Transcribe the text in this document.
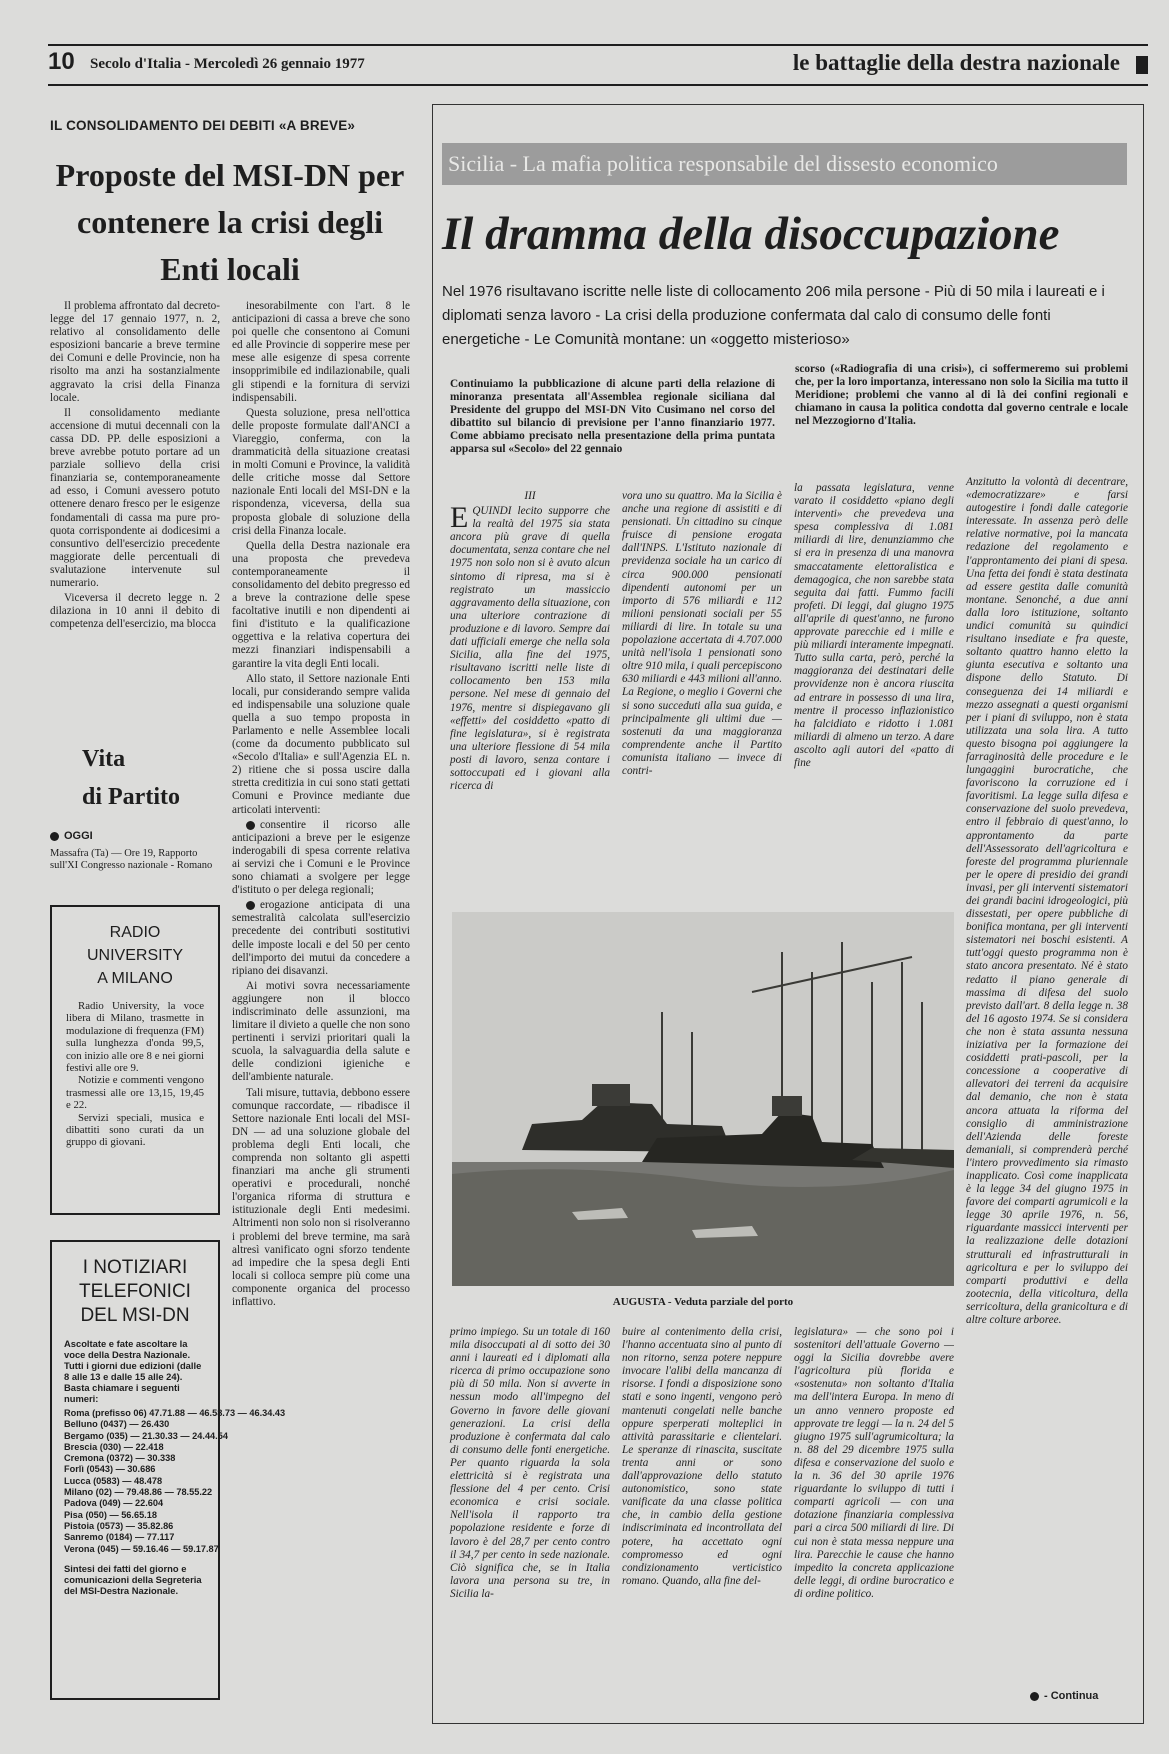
10 Secolo d'Italia - Mercoledì 26 gennaio 1977	le battaglie della destra nazionale
IL CONSOLIDAMENTO DEI DEBITI «A BREVE»
Proposte del MSI-DN per contenere la crisi degli Enti locali

Il problema affrontato dal decreto-legge del 17 gennaio 1977, n. 2, relativo al consolidamento delle esposizioni bancarie a breve termine dei Comuni e delle Provincie, non ha risolto ma anzi ha sostanzialmente aggravato la crisi della Finanza locale.

Il consolidamento mediante accensione di mutui decennali con la cassa DD. PP. delle esposizioni a breve avrebbe potuto portare ad un parziale sollievo della crisi finanziaria se, contemporaneamente ad esso, i Comuni avessero potuto ottenere denaro fresco per le esigenze fondamentali di cassa ma pure pro-quota corrispondente ai dodicesimi a consuntivo dell'esercizio precedente maggiorate delle percentuali di svalutazione intervenute sul numerario.

Viceversa il decreto legge n. 2 dilaziona in 10 anni il debito di competenza dell'esercizio, ma blocca

inesorabilmente con l'art. 8 le anticipazioni di cassa a breve che sono poi quelle che consentono ai Comuni ed alle Provincie di sopperire mese per mese alle esigenze di spesa corrente insopprimibile ed indilazionabile, quali gli stipendi e la fornitura di servizi indispensabili.

Questa soluzione, presa nell'ottica delle proposte formulate dall'ANCI a Viareggio, conferma, con la drammaticità della situazione creatasi in molti Comuni e Province, la validità delle critiche mosse dal Settore nazionale Enti locali del MSI-DN e la rispondenza, viceversa, della sua proposta globale di soluzione della crisi della Finanza locale.

Quella della Destra nazionale era una proposta che prevedeva contemporaneamente il consolidamento del debito pregresso ed a breve la contrazione delle spese facoltative inutili e non dipendenti ai fini d'istituto e la qualificazione oggettiva e la relativa copertura dei mezzi finanziari indispensabili a garantire la vita degli Enti locali.

Allo stato, il Settore nazionale Enti locali, pur considerando sempre valida ed indispensabile una soluzione quale quella a suo tempo proposta in Parlamento e nelle Assemblee locali (come da documento pubblicato sul «Secolo d'Italia» e sull'Agenzia EL n. 2) ritiene che si possa uscire dalla stretta creditizia in cui sono stati gettati Comuni e Province mediante due articolati interventi:

consentire il ricorso alle anticipazioni a breve per le esigenze inderogabili di spesa corrente relativa ai servizi che i Comuni e le Province sono chiamati a svolgere per legge d'istituto o per delega regionali;

erogazione anticipata di una semestralità calcolata sull'esercizio precedente dei contributi sostitutivi delle imposte locali e del 50 per cento dell'importo dei mutui da concedere a ripiano dei disavanzi.

Ai motivi sovra necessariamente aggiungere non il blocco indiscriminato delle assunzioni, ma limitare il divieto a quelle che non sono pertinenti i servizi prioritari quali la scuola, la salvaguardia della salute e delle condizioni igieniche e dell'ambiente naturale.

Tali misure, tuttavia, debbono essere comunque raccordate, — ribadisce il Settore nazionale Enti locali del MSI-DN — ad una soluzione globale del problema degli Enti locali, che comprenda non soltanto gli aspetti finanziari ma anche gli strumenti operativi e procedurali, nonché l'organica riforma di struttura e istituzionale degli Enti medesimi. Altrimenti non solo non si risolveranno i problemi del breve termine, ma sarà altresì vanificato ogni sforzo tendente ad impedire che la spesa degli Enti locali si colloca sempre più come una componente organica del processo inflattivo.

Vita
di Partito
OGGI
Massafra (Ta) — Ore 19, Rapporto sull'XI Congresso nazionale - Romano
RADIO
UNIVERSITY
A MILANO

Radio University, la voce libera di Milano, trasmette in modulazione di frequenza (FM) sulla lunghezza d'onda 99,5, con inizio alle ore 8 e nei giorni festivi alle ore 9.

Notizie e commenti vengono trasmessi alle ore 13,15, 19,45 e 22.

Servizi speciali, musica e dibattiti sono curati da un gruppo di giovani.

I NOTIZIARI
TELEFONICI
DEL MSI-DN
Ascoltate e fate ascoltare la voce della Destra Nazionale. Tutti i giorni due edizioni (dalle 8 alle 13 e dalle 15 alle 24). Basta chiamare i seguenti numeri:
Roma (prefisso 06) 47.71.88 — 46.58.73 — 46.34.43
Belluno (0437) — 26.430
Bergamo (035) — 21.30.33 — 24.44.54
Brescia (030) — 22.418
Cremona (0372) — 30.338
Forlì (0543) — 30.686
Lucca (0583) — 48.478
Milano (02) — 79.48.86 — 78.55.22
Padova (049) — 22.604
Pisa (050) — 56.65.18
Pistoia (0573) — 35.82.86
Sanremo (0184) — 77.117
Verona (045) — 59.16.46 — 59.17.87
Sintesi dei fatti del giorno e comunicazioni della Segreteria del MSI-Destra Nazionale.
Sicilia - La mafia politica responsabile del dissesto economico
Il dramma della disoccupazione
Nel 1976 risultavano iscritte nelle liste di collocamento 206 mila persone - Più di 50 mila i laureati e i diplomati senza lavoro - La crisi della produzione confermata dal calo di consumo delle fonti energetiche - Le Comunità montane: un «oggetto misterioso»
Continuiamo la pubblicazione di alcune parti della relazione di minoranza presentata all'Assemblea regionale siciliana dal Presidente del gruppo del MSI-DN Vito Cusimano nel corso del dibattito sul bilancio di previsione per l'anno finanziario 1977. Come abbiamo precisato nella presentazione della prima puntata apparsa sul «Secolo» del 22 gennaio
scorso («Radiografia di una crisi»), ci soffermeremo sui problemi che, per la loro importanza, interessano non solo la Sicilia ma tutto il Meridione; problemi che vanno al di là dei confini regionali e chiamano in causa la politica condotta dal governo centrale e locale nel Mezzogiorno d'Italia.

III

EQUINDI lecito supporre che la realtà del 1975 sia stata ancora più grave di quella documentata, senza contare che nel 1975 non solo non si è avuto alcun sintomo di ripresa, ma si è registrato un massiccio aggravamento della situazione, con una ulteriore contrazione di produzione e di lavoro. Sempre dai dati ufficiali emerge che nella sola Sicilia, alla fine del 1975, risultavano iscritti nelle liste di collocamento ben 153 mila persone. Nel mese di gennaio del 1976, mentre si dispiegavano gli «effetti» del cosiddetto «patto di fine legislatura», si è registrata una ulteriore flessione di 54 mila posti di lavoro, senza contare i sottoccupati ed i giovani alla ricerca di

vora uno su quattro. Ma la Sicilia è anche una regione di assistiti e di pensionati. Un cittadino su cinque fruisce di pensione erogata dall'INPS. L'Istituto nazionale di previdenza sociale ha un carico di circa 900.000 pensionati dipendenti autonomi per un importo di 576 miliardi e 112 milioni pensionati sociali per 55 miliardi di lire. In totale su una popolazione accertata di 4.707.000 unità nell'isola 1 pensionati sono oltre 910 mila, i quali percepiscono 630 miliardi e 443 milioni all'anno. La Regione, o meglio i Governi che si sono succeduti alla sua guida, e principalmente gli ultimi due — sostenuti da una maggioranza comprendente anche il Partito comunista italiano — invece di contri-

la passata legislatura, venne varato il cosiddetto «piano degli interventi» che prevedeva una spesa complessiva di 1.081 miliardi di lire, denunziammo che si era in presenza di una manovra smaccatamente elettoralistica e demagogica, che non sarebbe stata seguita dai fatti. Fummo facili profeti. Di leggi, dal giugno 1975 all'aprile di quest'anno, ne furono approvate parecchie ed i mille e più miliardi interamente impegnati. Tutto sulla carta, però, perché la maggioranza dei destinatari delle provvidenze non è ancora riuscita ad entrare in possesso di una lira, mentre il processo inflazionistico ha falcidiato e ridotto i 1.081 miliardi di almeno un terzo. A dare ascolto agli autori del «patto di fine

Anzitutto la volontà di decentrare, «democratizzare» e farsi autogestire i fondi dalle categorie interessate. In assenza però delle relative normative, poi la mancata redazione del regolamento e l'approntamento dei piani di spesa. Una fetta dei fondi è stata destinata ad essere gestita dalle comunità montane. Senonché, a due anni dalla loro istituzione, soltanto undici comunità su quindici risultano insediate e fra queste, soltanto quattro hanno eletto la giunta esecutiva e soltanto una dispone dello Statuto. Di conseguenza dei 14 miliardi e mezzo assegnati a questi organismi per i piani di sviluppo, non è stata utilizzata una sola lira. A tutto questo bisogna poi aggiungere la farraginosità delle procedure e le lungaggini burocratiche, che favoriscono la corruzione ed i favoritismi. La legge sulla difesa e conservazione del suolo prevedeva, entro il febbraio di quest'anno, lo approntamento da parte dell'Assessorato dell'agricoltura e foreste del programma pluriennale per le opere di presidio dei grandi invasi, per gli interventi sistematori dei grandi bacini idrogeologici, più dissestati, per opere pubbliche di bonifica montana, per gli interventi sistematori nei boschi esistenti. A tutt'oggi questo programma non è stato ancora presentato. Né è stato redatto il piano generale di massima di difesa del suolo previsto dall'art. 8 della legge n. 38 del 16 agosto 1974. Se si considera che non è stata assunta nessuna iniziativa per la formazione dei cosiddetti prati-pascoli, per la concessione a cooperative di allevatori dei terreni da acquisire dal demanio, che non è stata ancora attuata la riforma del consiglio di amministrazione dell'Azienda delle foreste demaniali, si comprenderà perché l'intero provvedimento sia rimasto inapplicato. Così come inapplicata è la legge 34 del giugno 1975 in favore dei comparti agrumicoli e la legge 30 aprile 1976, n. 56, riguardante massicci interventi per la realizzazione delle dotazioni strutturali ed infrastrutturali in agricoltura e per lo sviluppo dei comparti produttivi e della zootecnia, della viticoltura, della serricoltura, della granicoltura e di altre colture arboree.

AUGUSTA - Veduta parziale del porto

primo impiego. Su un totale di 160 mila disoccupati al di sotto dei 30 anni i laureati ed i diplomati alla ricerca di primo occupazione sono più di 50 mila. Non si avverte in nessun modo all'impegno del Governo in favore delle giovani generazioni. La crisi della produzione è confermata dal calo di consumo delle fonti energetiche. Per quanto riguarda la sola elettricità si è registrata una flessione del 4 per cento. Crisi economica e crisi sociale. Nell'isola il rapporto tra popolazione residente e forze di lavoro è del 28,7 per cento contro il 34,7 per cento in sede nazionale. Ciò significa che, se in Italia lavora una persona su tre, in Sicilia la-

buire al contenimento della crisi, l'hanno accentuata sino al punto di non ritorno, senza potere neppure invocare l'alibi della mancanza di risorse. I fondi a disposizione sono stati e sono ingenti, vengono però mantenuti congelati nelle banche oppure sperperati molteplici in attività parassitarie e clientelari. Le speranze di rinascita, suscitate trenta anni or sono dall'approvazione dello statuto autonomistico, sono state vanificate da una classe politica che, in cambio della gestione indiscriminata ed incontrollata del potere, ha accettato ogni compromesso ed ogni condizionamento verticistico romano. Quando, alla fine del-

legislatura» — che sono poi i sostenitori dell'attuale Governo — oggi la Sicilia dovrebbe avere l'agricoltura più florida e «sostenuta» non soltanto d'Italia ma dell'intera Europa. In meno di un anno vennero proposte ed approvate tre leggi — la n. 24 del 5 giugno 1975 sull'agrumicoltura; la n. 88 del 29 dicembre 1975 sulla difesa e conservazione del suolo e la n. 36 del 30 aprile 1976 riguardante lo sviluppo di tutti i comparti agricoli — con una dotazione finanziaria complessiva pari a circa 500 miliardi di lire. Di cui non è stata messa neppure una lira. Parecchie le cause che hanno impedito la concreta applicazione delle leggi, di ordine burocratico e di ordine politico.

- Continua
